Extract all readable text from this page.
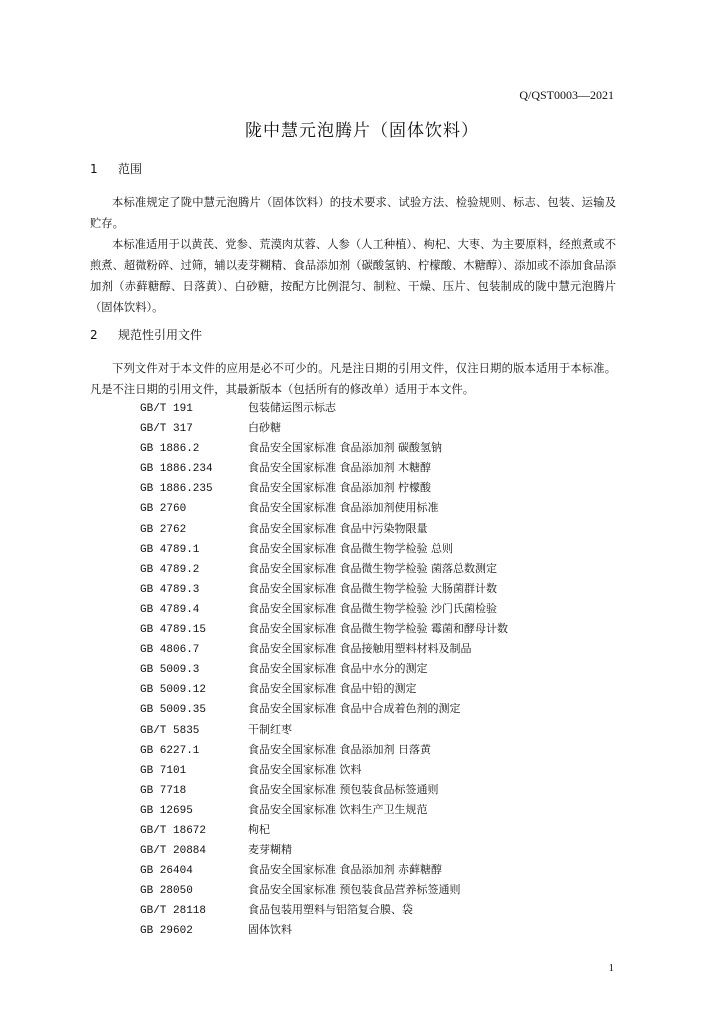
Q/QST0003—2021
陇中慧元泡腾片（固体饮料）
1 范围

本标准规定了陇中慧元泡腾片（固体饮料）的技术要求、试验方法、检验规则、标志、包装、运输及贮存。

本标准适用于以黄芪、党参、荒漠肉苁蓉、人参（人工种植）、枸杞、大枣、为主要原料，经煎煮或不煎煮、超微粉碎、过筛，辅以麦芽糊精、食品添加剂（碳酸氢钠、柠檬酸、木糖醇）、添加或不添加食品添加剂（赤藓糖醇、日落黄）、白砂糖，按配方比例混匀、制粒、干燥、压片、包装制成的陇中慧元泡腾片（固体饮料）。

2 规范性引用文件

下列文件对于本文件的应用是必不可少的。凡是注日期的引用文件，仅注日期的版本适用于本标准。凡是不注日期的引用文件，其最新版本（包括所有的修改单）适用于本文件。

GB/T 191	包装储运图示标志
GB/T 317	白砂糖
GB 1886.2	食品安全国家标准 食品添加剂 碳酸氢钠
GB 1886.234	食品安全国家标准 食品添加剂 木糖醇
GB 1886.235	食品安全国家标准 食品添加剂 柠檬酸
GB 2760	食品安全国家标准 食品添加剂使用标准
GB 2762	食品安全国家标准 食品中污染物限量
GB 4789.1	食品安全国家标准 食品微生物学检验 总则
GB 4789.2	食品安全国家标准 食品微生物学检验 菌落总数测定
GB 4789.3	食品安全国家标准 食品微生物学检验 大肠菌群计数
GB 4789.4	食品安全国家标准 食品微生物学检验 沙门氏菌检验
GB 4789.15	食品安全国家标准 食品微生物学检验 霉菌和酵母计数
GB 4806.7	食品安全国家标准 食品接触用塑料材料及制品
GB 5009.3	食品安全国家标准 食品中水分的测定
GB 5009.12	食品安全国家标准 食品中铅的测定
GB 5009.35	食品安全国家标准 食品中合成着色剂的测定
GB/T 5835	干制红枣
GB 6227.1	食品安全国家标准 食品添加剂 日落黄
GB 7101	食品安全国家标准 饮料
GB 7718	食品安全国家标准 预包装食品标签通则
GB 12695	食品安全国家标准 饮料生产卫生规范
GB/T 18672	枸杞
GB/T 20884	麦芽糊精
GB 26404	食品安全国家标准 食品添加剂 赤藓糖醇
GB 28050	食品安全国家标准 预包装食品营养标签通则
GB/T 28118	食品包装用塑料与铝箔复合膜、袋
GB 29602	固体饮料
1
